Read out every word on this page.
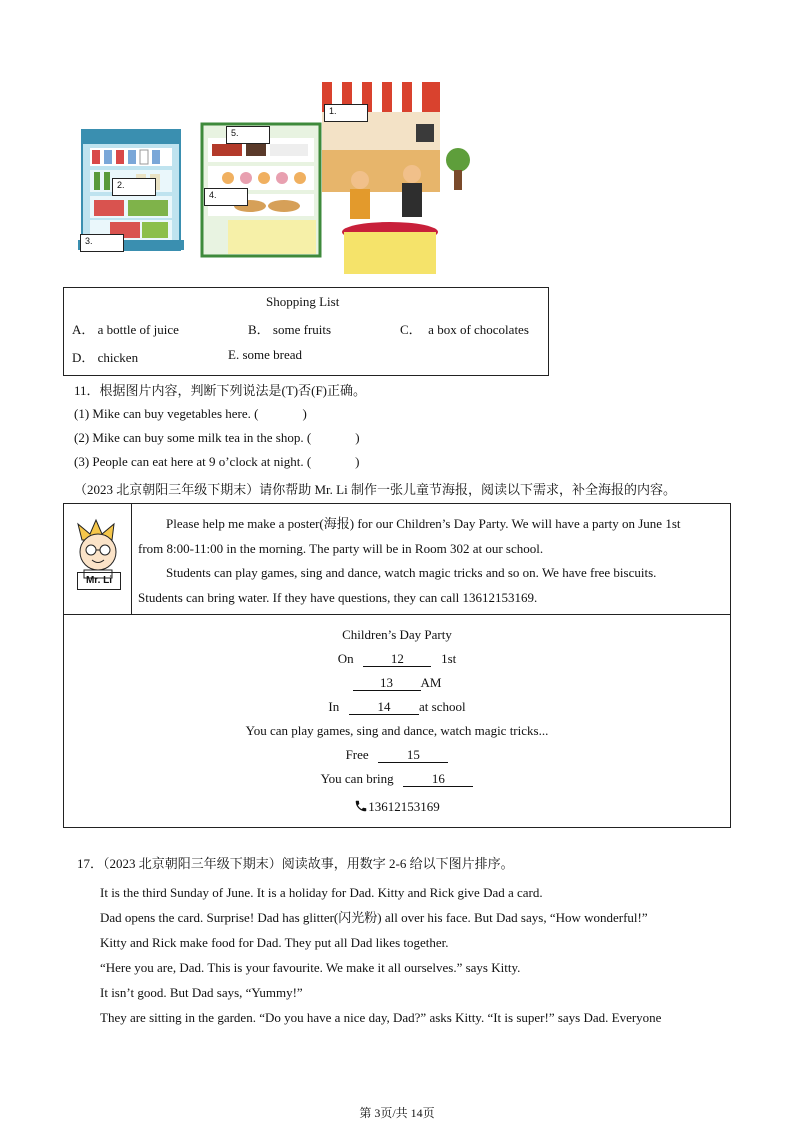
1.
2.
3.
4.
5.
Shopping List
A． a bottle of juice	B． some fruits	C． a box of chocolates
D． chicken	E. some bread
11．根据图片内容，判断下列说法是(T)否(F)正确。
(1) Mike can buy vegetables here. (	)
(2) Mike can buy some milk tea in the shop. (	)
(3) People can eat here at 9 o’clock at night. (	)
（2023 北京朝阳三年级下期末）请你帮助 Mr. Li 制作一张儿童节海报，阅读以下需求，补全海报的内容。
Mr. Li
Please help me make a poster(海报) for our Children’s Day Party. We will have a party on June 1st
from 8:00-11:00 in the morning. The party will be in Room 302 at our school.
Students can play games, sing and dance, watch magic tricks and so on. We have free biscuits.
Students can bring water. If they have questions, they can call 13612153169.
Children’s Day Party
On	12	1st
13 AM
In	14 at school
You can play games, sing and dance, watch magic tricks...
Free	15
You can bring	16
13612153169
17．（2023 北京朝阳三年级下期末）阅读故事，用数字 2-6 给以下图片排序。
It is the third Sunday of June. It is a holiday for Dad. Kitty and Rick give Dad a card.
Dad opens the card. Surprise! Dad has glitter(闪光粉) all over his face. But Dad says, “How wonderful!”
Kitty and Rick make food for Dad. They put all Dad likes together.
“Here you are, Dad. This is your favourite. We make it all ourselves.” says Kitty.
It isn’t good. But Dad says, “Yummy!”
They are sitting in the garden. “Do you have a nice day, Dad?” asks Kitty. “It is super!” says Dad. Everyone
第 3页/共 14页
